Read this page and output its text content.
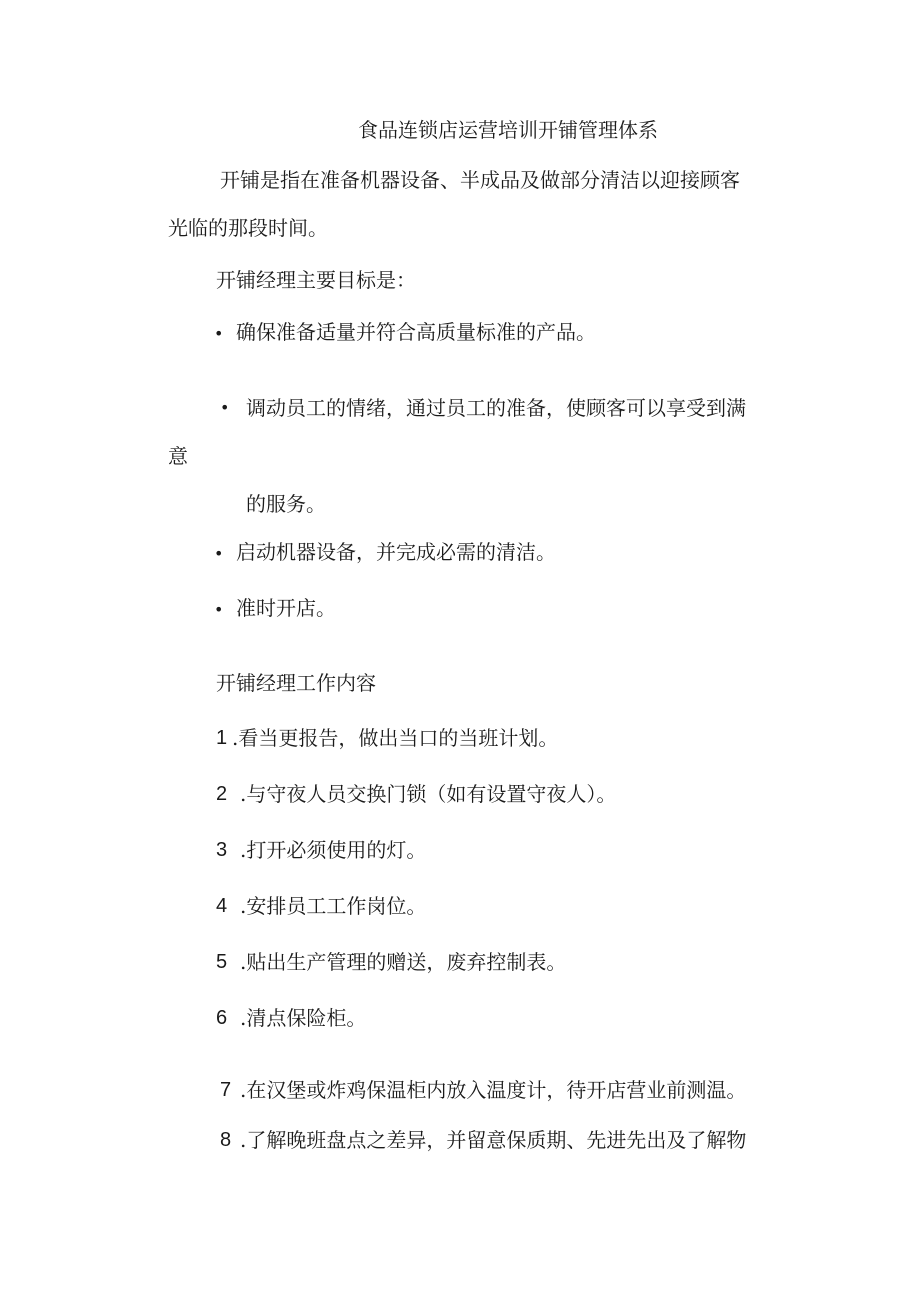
食品连锁店运营培训开铺管理体系
开铺是指在准备机器设备、半成品及做部分清洁以迎接顾客
光临的那段时间。
开铺经理主要目标是：
• 确保准备适量并符合高质量标准的产品。
• 调动员工的情绪，通过员工的准备，使顾客可以享受到满
意
的服务。
• 启动机器设备，并完成必需的清洁。
• 准时开店。
开铺经理工作内容
1 .看当更报告，做出当口的当班计划。
2 .与守夜人员交换门锁（如有设置守夜人）。
3 .打开必须使用的灯。
4 .安排员工工作岗位。
5 .贴出生产管理的赠送，废弃控制表。
6 .清点保险柜。
7 .在汉堡或炸鸡保温柜内放入温度计，待开店营业前测温。
8 .了解晚班盘点之差异，并留意保质期、先进先出及了解物
